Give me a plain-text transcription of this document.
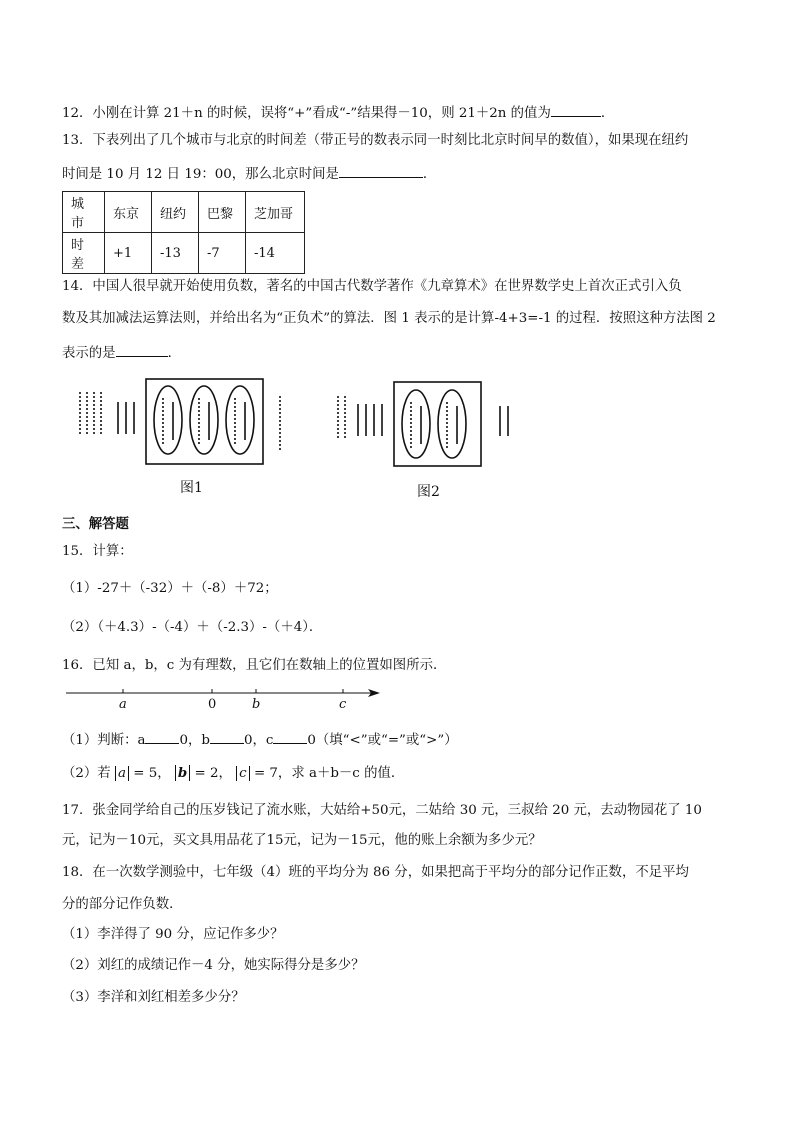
12．小刚在计算 21＋n 的时候，误将“+”看成“-”结果得－10，则 21＋2n 的值为	．
13．下表列出了几个城市与北京的时间差（带正号的数表示同一时刻比北京时间早的数值），如果现在纽约
时间是 10 月 12 日 19：00，那么北京时间是	．
城市	东京	纽约	巴黎	芝加哥
时差	+1	-13	-7	-14
14．中国人很早就开始使用负数，著名的中国古代数学著作《九章算术》在世界数学史上首次正式引入负
数及其加减法运算法则，并给出名为“正负术”的算法．图 1 表示的是计算-4+3=-1 的过程．按照这种方法图 2
表示的是	．
图1	图2
三、解答题
15．计算：
（1）-27＋（-32）＋（-8）＋72；
（2）（＋4.3）-（-4）＋（-2.3）-（＋4）．
16．已知 a，b，c 为有理数，且它们在数轴上的位置如图所示．
a	0	b	c
（1）判断：a	0，b	0，c	0（填“<”或“=”或“>”）
（2）若 a = 5， b = 2， c = 7，求 a＋b－c 的值．
17．张金同学给自己的压岁钱记了流水账，大姑给+50元，二姑给 30 元，三叔给 20 元，去动物园花了 10
元，记为－10元，买文具用品花了15元，记为－15元，他的账上余额为多少元？
18．在一次数学测验中，七年级（4）班的平均分为 86 分，如果把高于平均分的部分记作正数，不足平均
分的部分记作负数．
（1）李洋得了 90 分，应记作多少？
（2）刘红的成绩记作－4 分，她实际得分是多少？
（3）李洋和刘红相差多少分？
